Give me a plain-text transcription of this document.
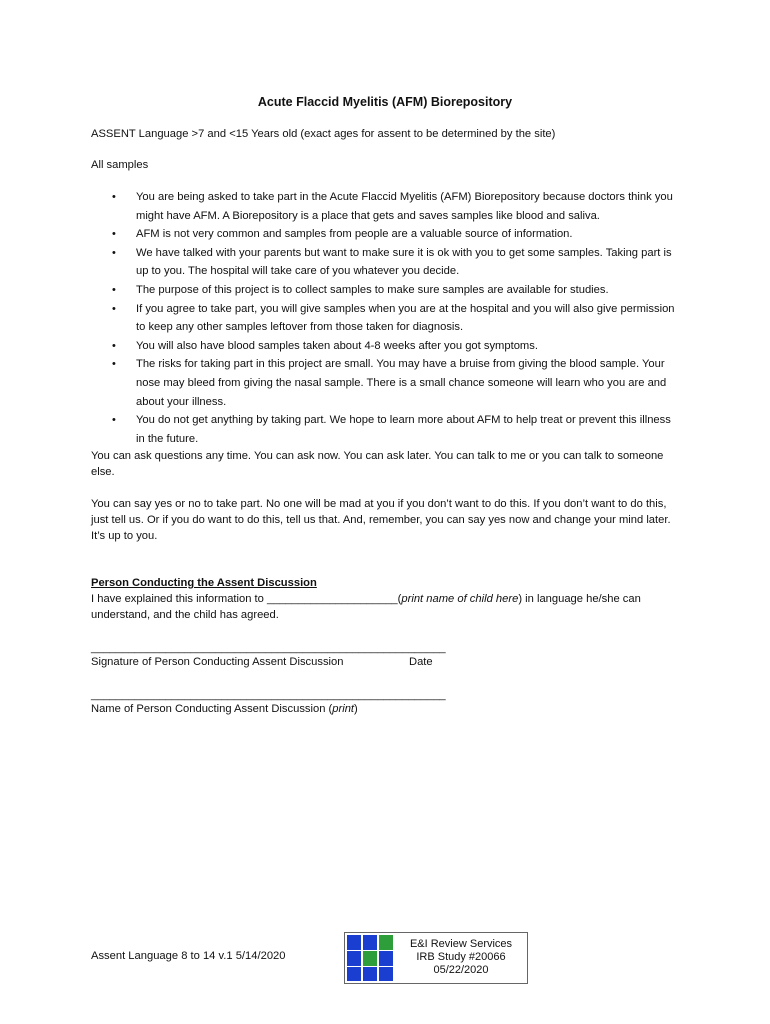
Acute Flaccid Myelitis (AFM) Biorepository
ASSENT Language >7 and <15 Years old (exact ages for assent to be determined by the site)
All samples
• You are being asked to take part in the Acute Flaccid Myelitis (AFM) Biorepository because doctors think you might have AFM. A Biorepository is a place that gets and saves samples like blood and saliva.
• AFM is not very common and samples from people are a valuable source of information.
• We have talked with your parents but want to make sure it is ok with you to get some samples. Taking part is up to you. The hospital will take care of you whatever you decide.
• The purpose of this project is to collect samples to make sure samples are available for studies.
• If you agree to take part, you will give samples when you are at the hospital and you will also give permission to keep any other samples leftover from those taken for diagnosis.
• You will also have blood samples taken about 4-8 weeks after you got symptoms.
• The risks for taking part in this project are small. You may have a bruise from giving the blood sample. Your nose may bleed from giving the nasal sample. There is a small chance someone will learn who you are and about your illness.
• You do not get anything by taking part. We hope to learn more about AFM to help treat or prevent this illness in the future.
You can ask questions any time. You can ask now. You can ask later. You can talk to me or you can talk to someone else.
You can say yes or no to take part. No one will be mad at you if you don’t want to do this. If you don’t want to do this, just tell us. Or if you do want to do this, tell us that. And, remember, you can say yes now and change your mind later. It’s up to you.
Person Conducting the Assent Discussion
I have explained this information to _____________________(print name of child here) in language he/she can understand, and the child has agreed.
_________________________________________________________
Signature of Person Conducting Assent Discussion	Date
_________________________________________________________
Name of Person Conducting Assent Discussion (print)
Assent Language 8 to 14 v.1 5/14/2020
E&I Review Services
IRB Study #20066
05/22/2020
